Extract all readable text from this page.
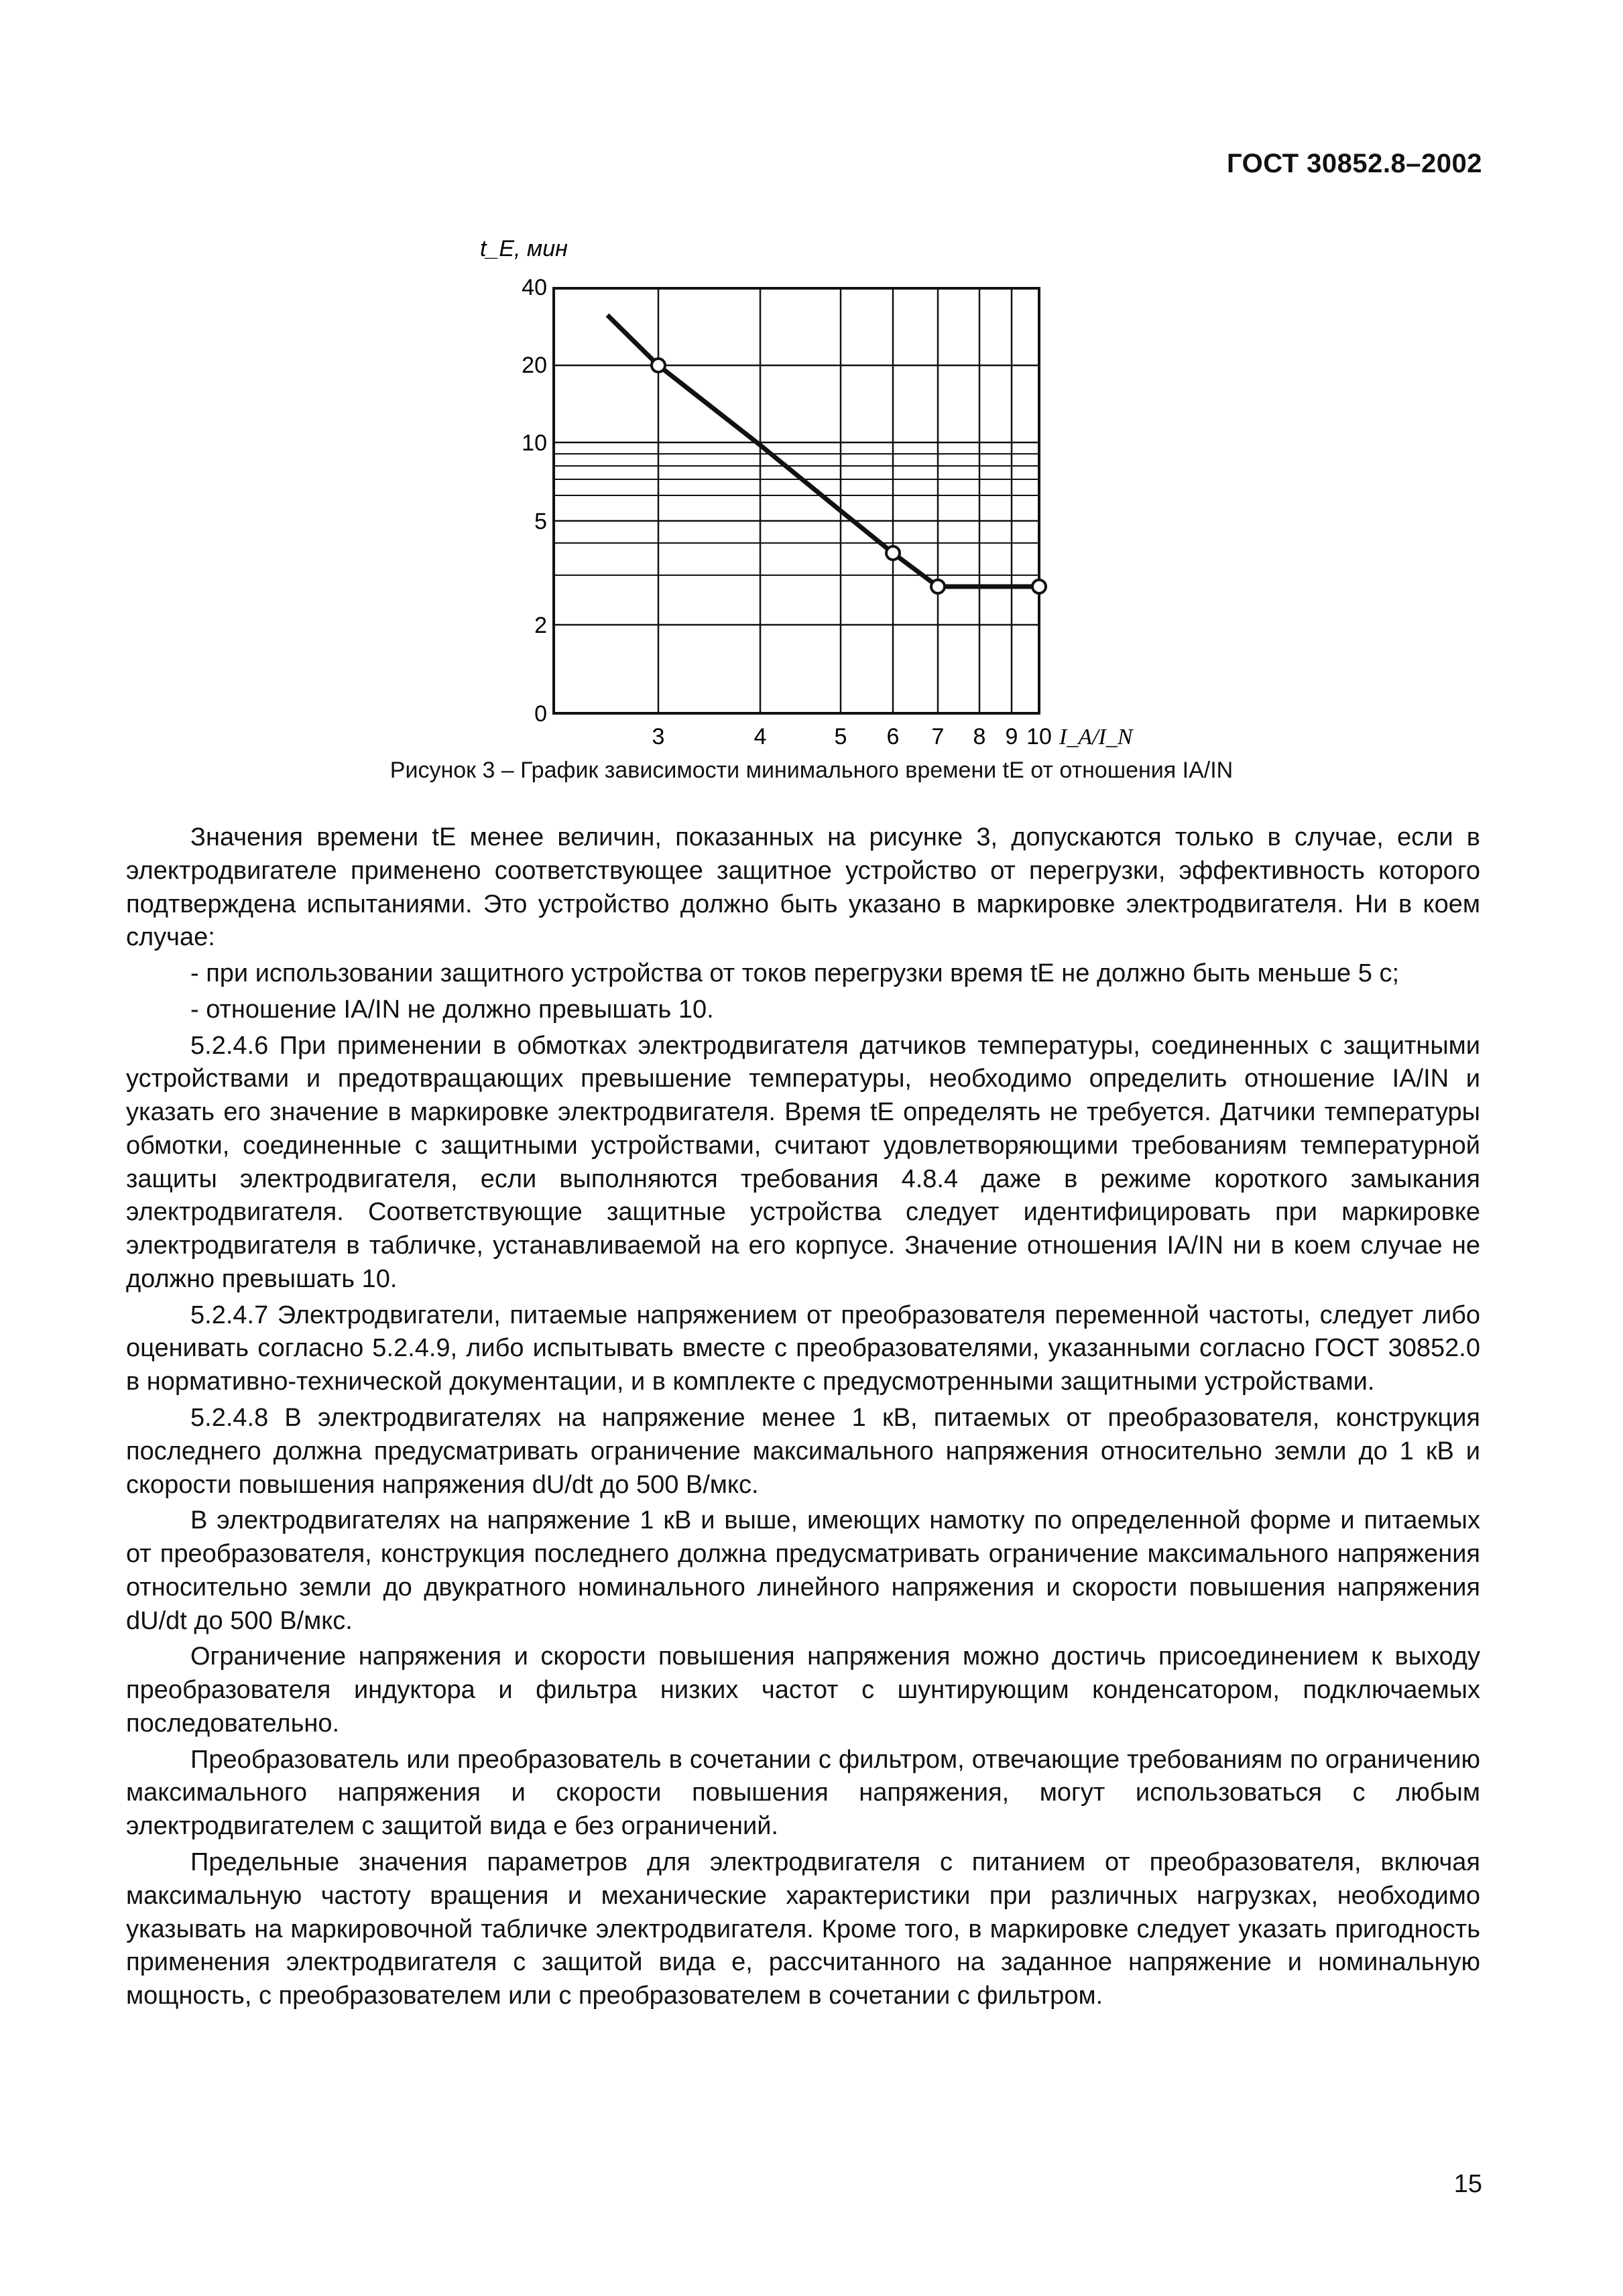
ГОСТ 30852.8–2002
40
20
10
5
2
0
3	4	5 6 7 8 9 10
t_E, мин
I_A/I_N
Рисунок 3 – График зависимости минимального времени tE от отношения IA/IN

Значения времени tE менее величин, показанных на рисунке 3, допускаются только в случае, если в электродвигателе применено соответствующее защитное устройство от перегрузки, эффективность которого подтверждена испытаниями. Это устройство должно быть указано в маркировке электродвигателя. Ни в коем случае:

- при использовании защитного устройства от токов перегрузки время tE не должно быть меньше 5 с;
- отношение IA/IN не должно превышать 10.

5.2.4.6 При применении в обмотках электродвигателя датчиков температуры, соединенных с защитными устройствами и предотвращающих превышение температуры, необходимо определить отношение IA/IN и указать его значение в маркировке электродвигателя. Время tE определять не требуется. Датчики температуры обмотки, соединенные с защитными устройствами, считают удовлетворяющими требованиям температурной защиты электродвигателя, если выполняются требования 4.8.4 даже в режиме короткого замыкания электродвигателя. Соответствующие защитные устройства следует идентифицировать при маркировке электродвигателя в табличке, устанавливаемой на его корпусе. Значение отношения IA/IN ни в коем случае не должно превышать 10.

5.2.4.7 Электродвигатели, питаемые напряжением от преобразователя переменной частоты, следует либо оценивать согласно 5.2.4.9, либо испытывать вместе с преобразователями, указанными согласно ГОСТ 30852.0 в нормативно-технической документации, и в комплекте с предусмотренными защитными устройствами.

5.2.4.8 В электродвигателях на напряжение менее 1 кВ, питаемых от преобразователя, конструкция последнего должна предусматривать ограничение максимального напряжения относительно земли до 1 кВ и скорости повышения напряжения dU/dt до 500 В/мкс.

В электродвигателях на напряжение 1 кВ и выше, имеющих намотку по определенной форме и питаемых от преобразователя, конструкция последнего должна предусматривать ограничение максимального напряжения относительно земли до двукратного номинального линейного напряжения и скорости повышения напряжения dU/dt до 500 В/мкс.

Ограничение напряжения и скорости повышения напряжения можно достичь присоединением к выходу преобразователя индуктора и фильтра низких частот с шунтирующим конденсатором, подключаемых последовательно.

Преобразователь или преобразователь в сочетании с фильтром, отвечающие требованиям по ограничению максимального напряжения и скорости повышения напряжения, могут использоваться с любым электродвигателем с защитой вида е без ограничений.

Предельные значения параметров для электродвигателя с питанием от преобразователя, включая максимальную частоту вращения и механические характеристики при различных нагрузках, необходимо указывать на маркировочной табличке электродвигателя. Кроме того, в маркировке следует указать пригодность применения электродвигателя с защитой вида е, рассчитанного на заданное напряжение и номинальную мощность, с преобразователем или с преобразователем в сочетании с фильтром.

15
